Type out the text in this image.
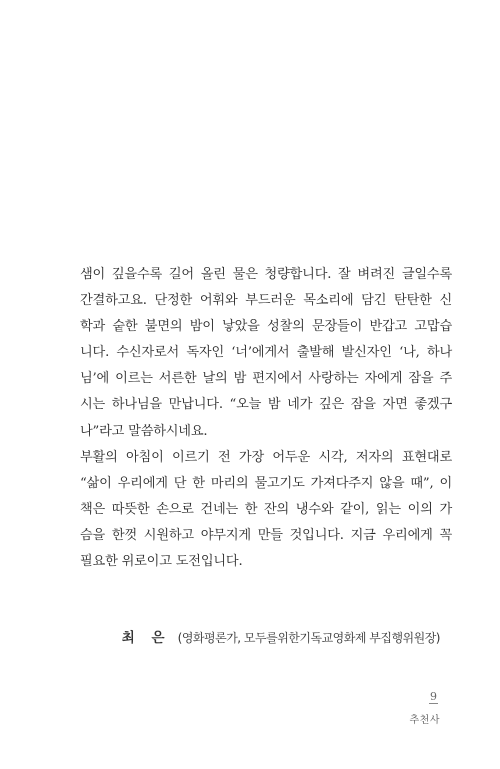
샘이 깊을수록 길어 올린 물은 청량합니다. 잘 벼려진 글일수록
간결하고요. 단정한 어휘와 부드러운 목소리에 담긴 탄탄한 신
학과 숱한 불면의 밤이 낳았을 성찰의 문장들이 반갑고 고맙습
니다. 수신자로서 독자인 ‘너’에게서 출발해 발신자인 ‘나, 하나
님’에 이르는 서른한 날의 밤 편지에서 사랑하는 자에게 잠을 주
시는 하나님을 만납니다. “오늘 밤 네가 깊은 잠을 자면 좋겠구
나”라고 말씀하시네요.
부활의 아침이 이르기 전 가장 어두운 시각, 저자의 표현대로
“삶이 우리에게 단 한 마리의 물고기도 가져다주지 않을 때”, 이
책은 따뜻한 손으로 건네는 한 잔의 냉수와 같이, 읽는 이의 가
슴을 한껏 시원하고 야무지게 만들 것입니다. 지금 우리에게 꼭
필요한 위로이고 도전입니다.
최 은 (영화평론가, 모두를위한기독교영화제 부집행위원장)
9
추천사
